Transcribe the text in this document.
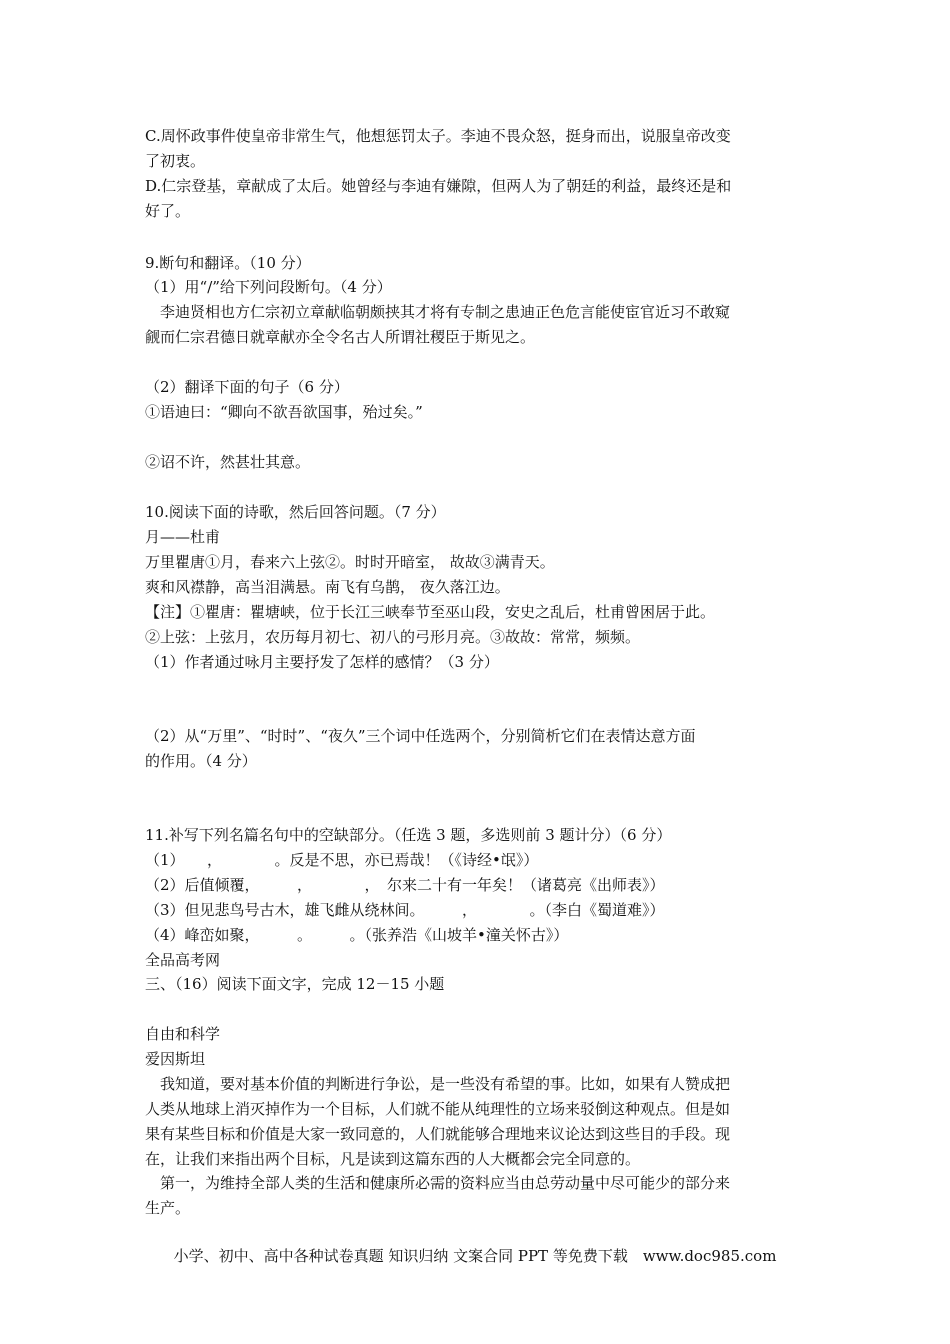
C.周怀政事件使皇帝非常生气，他想惩罚太子。李迪不畏众怒，挺身而出，说服皇帝改变
了初衷。
D.仁宗登基，章献成了太后。她曾经与李迪有嫌隙，但两人为了朝廷的利益，最终还是和
好了。
9.断句和翻译。（10 分）
（1）用“/”给下列问段断句。（4 分）
　李迪贤相也方仁宗初立章献临朝颇挟其才将有专制之患迪正色危言能使宦官近习不敢窥
觎而仁宗君德日就章献亦全令名古人所谓社稷臣于斯见之。
（2）翻译下面的句子（6 分）
①语迪曰：“卿向不欲吾欲国事，殆过矣。”
②诏不许，然甚壮其意。
10.阅读下面的诗歌，然后回答问题。（7 分）
月——杜甫
万里瞿唐①月，春来六上弦②。时时开暗室， 故故③满青天。
爽和风襟静，高当泪满悬。南飞有乌鹊， 夜久落江边。
【注】①瞿唐：瞿塘峡，位于长江三峡奉节至巫山段，安史之乱后，杜甫曾困居于此。
②上弦：上弦月，农历每月初七、初八的弓形月亮。③故故：常常，频频。
（1）作者通过咏月主要抒发了怎样的感情？（3 分）
（2）从“万里”、“时时”、“夜久”三个词中任选两个，分别简析它们在表情达意方面
的作用。（4 分）
11.补写下列名篇名句中的空缺部分。（任选 3 题，多选则前 3 题计分）（6 分）
（1）　　，　　　　。反是不思，亦已焉哉！（《诗经•氓》）
（2）后值倾覆，　　　，　　　　，　尔来二十有一年矣！（诸葛亮《出师表》）
（3）但见悲鸟号古木，雄飞雌从绕林间。　　　，　　　　。（李白《蜀道难》）
（4）峰峦如聚，　　　。　　　。（张养浩《山坡羊•潼关怀古》）
全品高考网
三、（16）阅读下面文字，完成 12－15 小题
自由和科学
爱因斯坦
　我知道，要对基本价值的判断进行争讼，是一些没有希望的事。比如，如果有人赞成把
人类从地球上消灭掉作为一个目标，人们就不能从纯理性的立场来驳倒这种观点。但是如
果有某些目标和价值是大家一致同意的，人们就能够合理地来议论达到这些目的手段。现
在，让我们来指出两个目标，凡是读到这篇东西的人大概都会完全同意的。
　第一，为维持全部人类的生活和健康所必需的资料应当由总劳动量中尽可能少的部分来
生产。
小学、初中、高中各种试卷真题 知识归纳 文案合同 PPT 等免费下载　www.doc985.com
